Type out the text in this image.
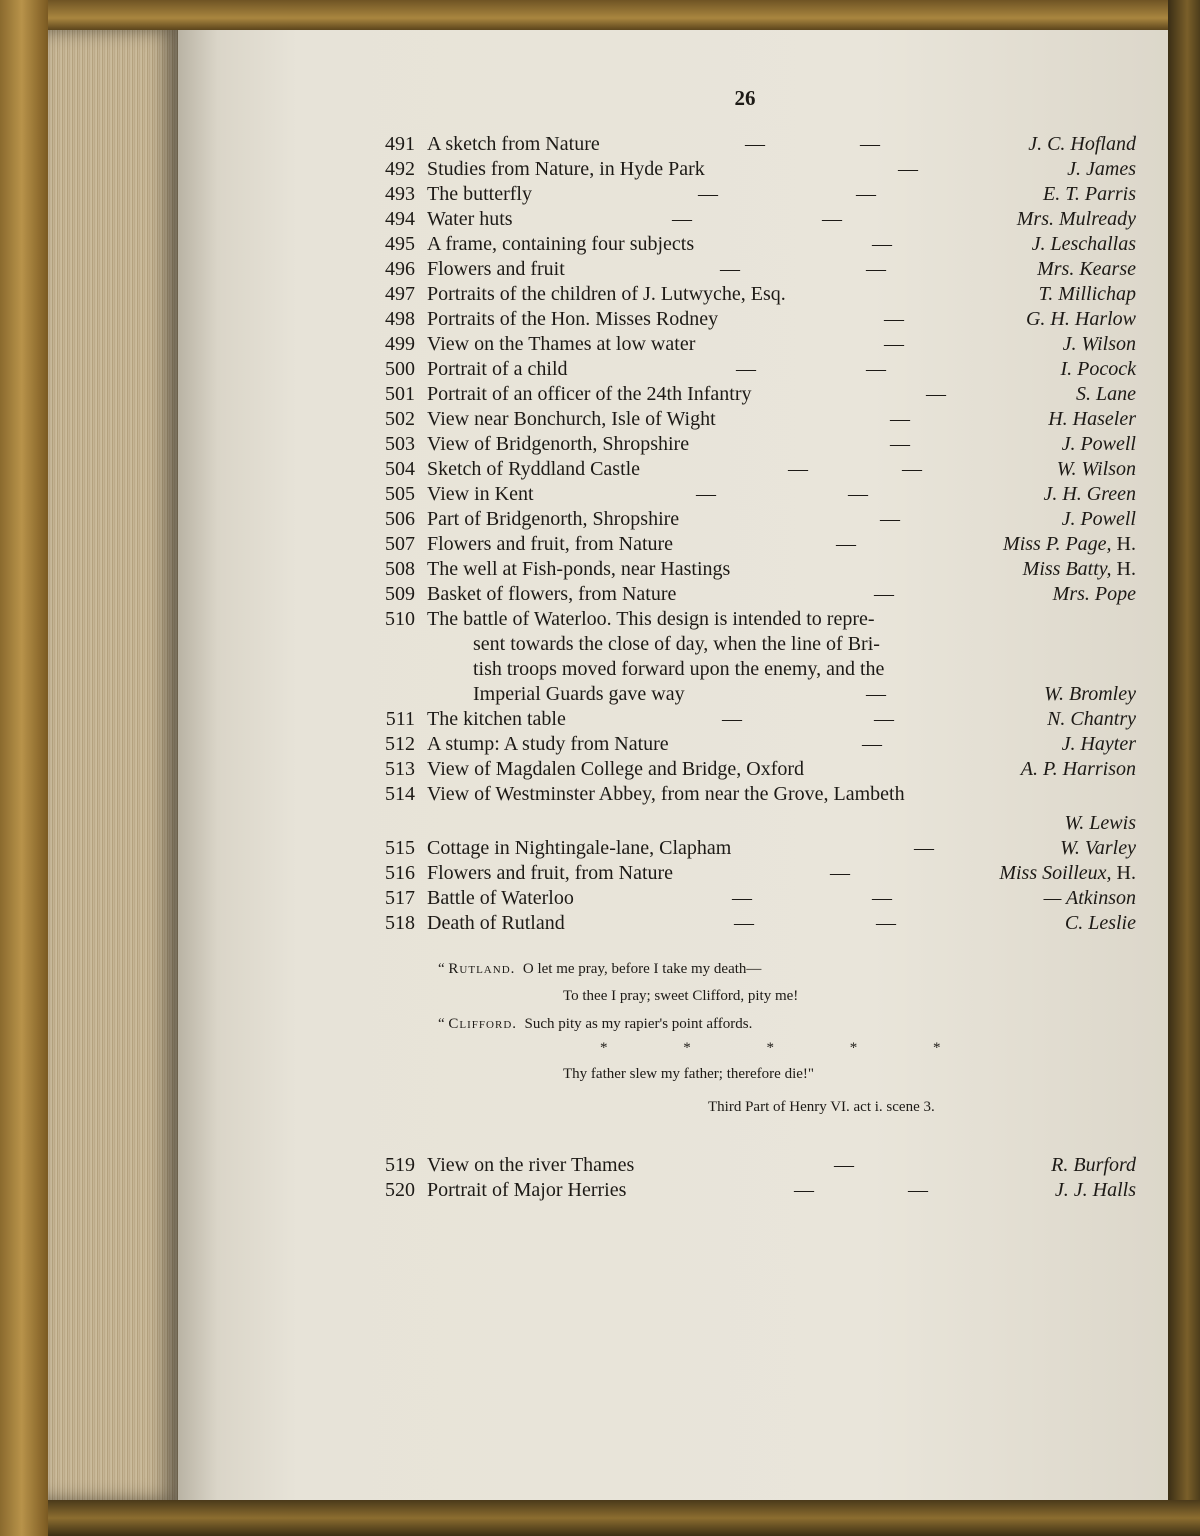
26
491 A sketch from Nature	—	—	J. C. Hofland
492 Studies from Nature, in Hyde Park	—	J. James
493 The butterfly	—	—	E. T. Parris
494 Water huts	—	—	Mrs. Mulready
495 A frame, containing four subjects	—	J. Leschallas
496 Flowers and fruit	—	—	Mrs. Kearse
497 Portraits of the children of J. Lutwyche, Esq.	T. Millichap
498 Portraits of the Hon. Misses Rodney	—	G. H. Harlow
499 View on the Thames at low water	—	J. Wilson
500 Portrait of a child	—	—	I. Pocock
501 Portrait of an officer of the 24th Infantry	—	S. Lane
502 View near Bonchurch, Isle of Wight	—	H. Haseler
503 View of Bridgenorth, Shropshire	—	J. Powell
504 Sketch of Ryddland Castle	—	—	W. Wilson
505 View in Kent	—	—	J. H. Green
506 Part of Bridgenorth, Shropshire	—	J. Powell
507 Flowers and fruit, from Nature	—	Miss P. Page, H.
508 The well at Fish-ponds, near Hastings	Miss Batty, H.
509 Basket of flowers, from Nature	—	Mrs. Pope
510 The battle of Waterloo. This design is intended to repre-
sent towards the close of day, when the line of Bri-
tish troops moved forward upon the enemy, and the
Imperial Guards gave way	—	W. Bromley
511 The kitchen table	—	—	N. Chantry
512 A stump: A study from Nature	—	J. Hayter
513 View of Magdalen College and Bridge, Oxford	A. P. Harrison
514 View of Westminster Abbey, from near the Grove, Lambeth
W. Lewis
515 Cottage in Nightingale-lane, Clapham	—	W. Varley
516 Flowers and fruit, from Nature	—	Miss Soilleux, H.
517 Battle of Waterloo	—	—	— Atkinson
518 Death of Rutland	—	—	C. Leslie
“ Rutland. O let me pray, before I take my death—
To thee I pray; sweet Clifford, pity me!
“ Clifford. Such pity as my rapier's point affords.
* * * * *
Thy father slew my father; therefore die!"
Third Part of Henry VI. act i. scene 3.
519 View on the river Thames	—	R. Burford
520 Portrait of Major Herries	—	—	J. J. Halls
